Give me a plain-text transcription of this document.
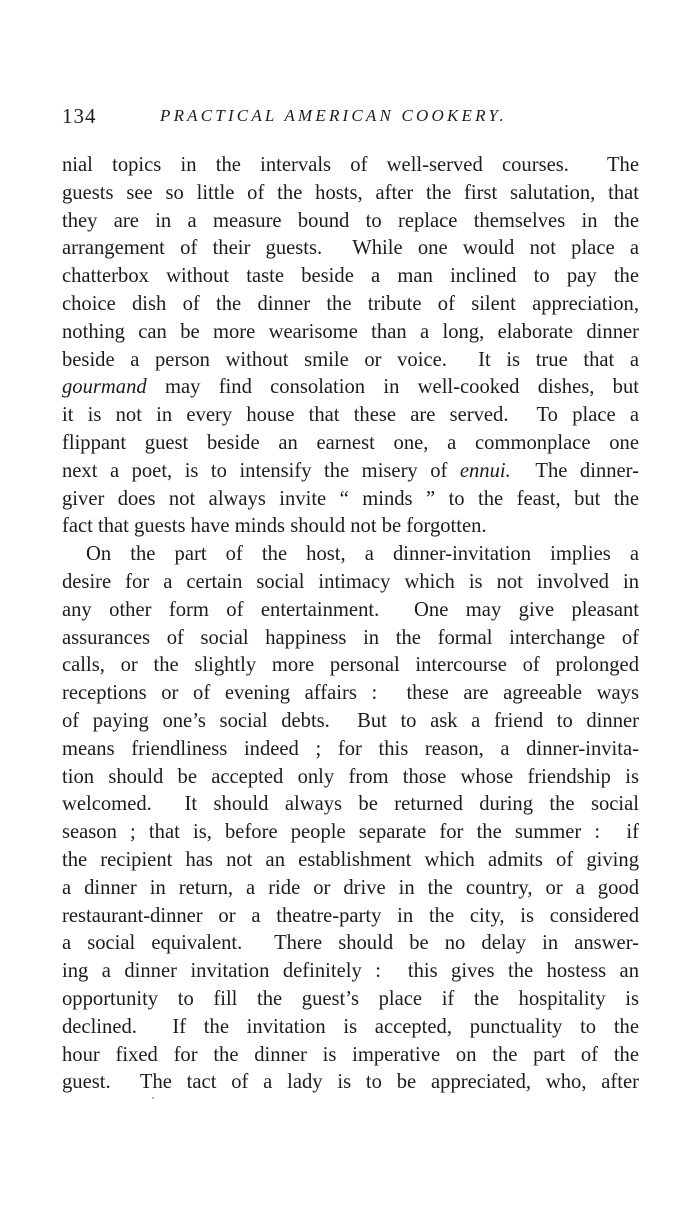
134	PRACTICAL AMERICAN COOKERY.
nial topics in the intervals of well-served courses.  The
guests see so little of the hosts, after the first salutation, that
they are in a measure bound to replace themselves in the
arrangement of their guests.  While one would not place a
chatterbox without taste beside a man inclined to pay the
choice dish of the dinner the tribute of silent appreciation,
nothing can be more wearisome than a long, elaborate dinner
beside a person without smile or voice.  It is true that a
gourmand may find consolation in well-cooked dishes, but
it is not in every house that these are served.  To place a
flippant guest beside an earnest one, a commonplace one
next a poet, is to intensify the misery of ennui.  The dinner-
giver does not always invite “ minds ” to the feast, but the
fact that guests have minds should not be forgotten.
On the part of the host, a dinner-invitation implies a
desire for a certain social intimacy which is not involved in
any other form of entertainment.  One may give pleasant
assurances of social happiness in the formal interchange of
calls, or the slightly more personal intercourse of prolonged
receptions or of evening affairs :  these are agreeable ways
of paying one’s social debts.  But to ask a friend to dinner
means friendliness indeed ; for this reason, a dinner-invita-
tion should be accepted only from those whose friendship is
welcomed.  It should always be returned during the social
season ; that is, before people separate for the summer :  if
the recipient has not an establishment which admits of giving
a dinner in return, a ride or drive in the country, or a good
restaurant-dinner or a theatre-party in the city, is considered
a social equivalent.  There should be no delay in answer-
ing a dinner invitation definitely :  this gives the hostess an
opportunity to fill the guest’s place if the hospitality is
declined.  If the invitation is accepted, punctuality to the
hour fixed for the dinner is imperative on the part of the
guest.  The tact of a lady is to be appreciated, who, after
